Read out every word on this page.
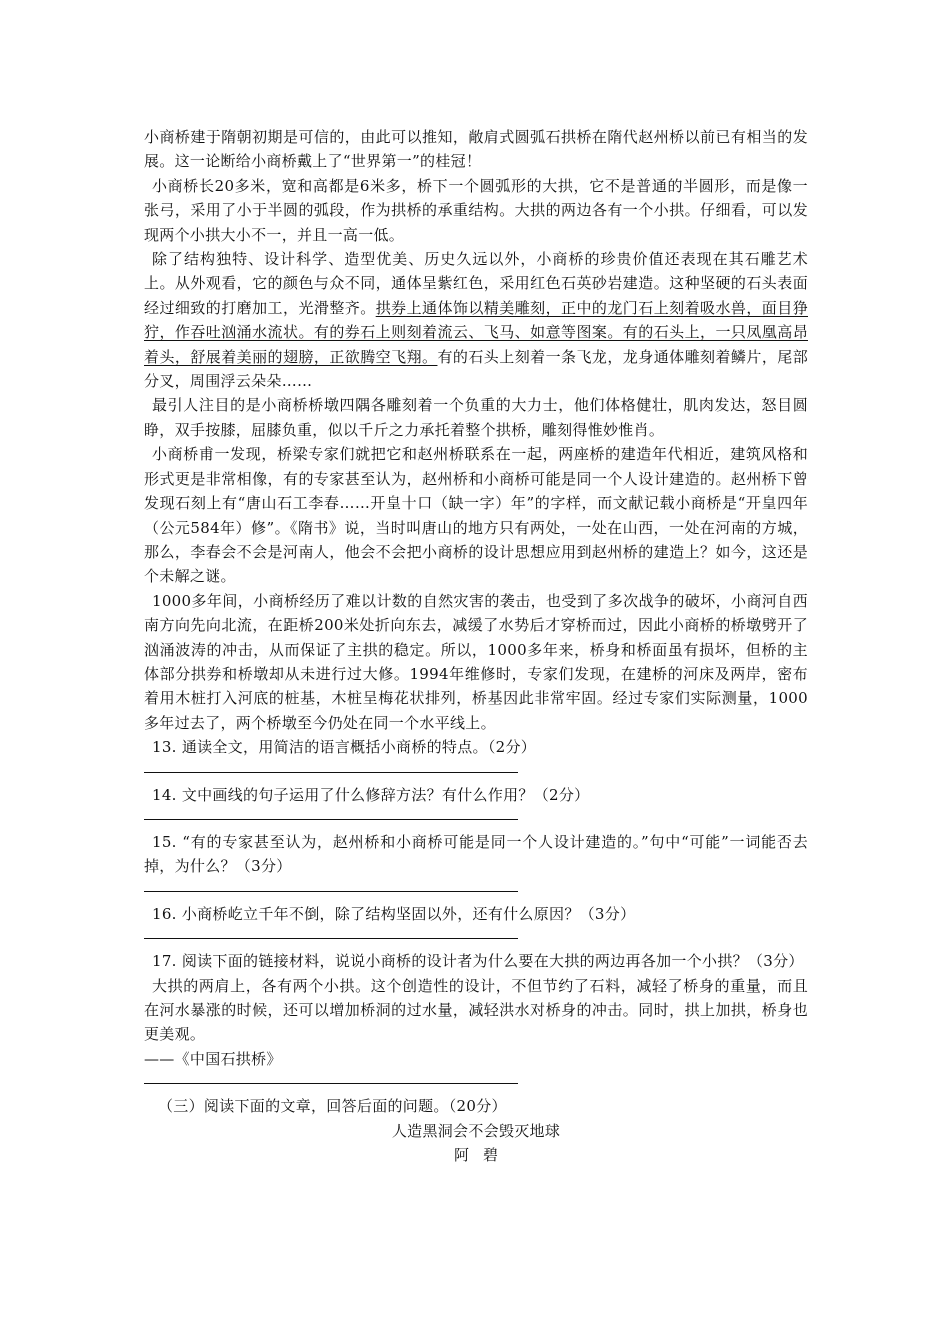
小商桥建于隋朝初期是可信的，由此可以推知，敞肩式圆弧石拱桥在隋代赵州桥以前已有相当的发展。这一论断给小商桥戴上了“世界第一”的桂冠！

小商桥长20多米，宽和高都是6米多，桥下一个圆弧形的大拱，它不是普通的半圆形，而是像一张弓，采用了小于半圆的弧段，作为拱桥的承重结构。大拱的两边各有一个小拱。仔细看，可以发现两个小拱大小不一，并且一高一低。

除了结构独特、设计科学、造型优美、历史久远以外，小商桥的珍贵价值还表现在其石雕艺术上。从外观看，它的颜色与众不同，通体呈紫红色，采用红色石英砂岩建造。这种坚硬的石头表面经过细致的打磨加工，光滑整齐。拱券上通体饰以精美雕刻，正中的龙门石上刻着吸水兽，面目狰狞，作吞吐汹涌水流状。有的券石上则刻着流云、飞马、如意等图案。有的石头上，一只凤凰高昂着头，舒展着美丽的翅膀，正欲腾空飞翔。有的石头上刻着一条飞龙，龙身通体雕刻着鳞片，尾部分叉，周围浮云朵朵……

最引人注目的是小商桥桥墩四隅各雕刻着一个负重的大力士，他们体格健壮，肌肉发达，怒目圆睁，双手按膝，屈膝负重，似以千斤之力承托着整个拱桥，雕刻得惟妙惟肖。

小商桥甫一发现，桥梁专家们就把它和赵州桥联系在一起，两座桥的建造年代相近，建筑风格和形式更是非常相像，有的专家甚至认为，赵州桥和小商桥可能是同一个人设计建造的。赵州桥下曾发现石刻上有“唐山石工李春……开皇十口（缺一字）年”的字样，而文献记载小商桥是“开皇四年（公元584年）修”。《隋书》说，当时叫唐山的地方只有两处，一处在山西，一处在河南的方城，那么，李春会不会是河南人，他会不会把小商桥的设计思想应用到赵州桥的建造上？如今，这还是个未解之谜。

1000多年间，小商桥经历了难以计数的自然灾害的袭击，也受到了多次战争的破坏，小商河自西南方向先向北流，在距桥200米处折向东去，减缓了水势后才穿桥而过，因此小商桥的桥墩劈开了汹涌波涛的冲击，从而保证了主拱的稳定。所以，1000多年来，桥身和桥面虽有损坏，但桥的主体部分拱券和桥墩却从未进行过大修。1994年维修时，专家们发现，在建桥的河床及两岸，密布着用木桩打入河底的桩基，木桩呈梅花状排列，桥基因此非常牢固。经过专家们实际测量，1000多年过去了，两个桥墩至今仍处在同一个水平线上。

13. 通读全文，用简洁的语言概括小商桥的特点。（2分）

14. 文中画线的句子运用了什么修辞方法？有什么作用？（2分）

15. “有的专家甚至认为，赵州桥和小商桥可能是同一个人设计建造的。”句中“可能”一词能否去掉，为什么？（3分）

16. 小商桥屹立千年不倒，除了结构坚固以外，还有什么原因？（3分）

17. 阅读下面的链接材料，说说小商桥的设计者为什么要在大拱的两边再各加一个小拱？（3分）

大拱的两肩上，各有两个小拱。这个创造性的设计，不但节约了石料，减轻了桥身的重量，而且在河水暴涨的时候，还可以增加桥洞的过水量，减轻洪水对桥身的冲击。同时，拱上加拱，桥身也更美观。

——《中国石拱桥》

（三）阅读下面的文章，回答后面的问题。（20分）

人造黑洞会不会毁灭地球

阿碧
